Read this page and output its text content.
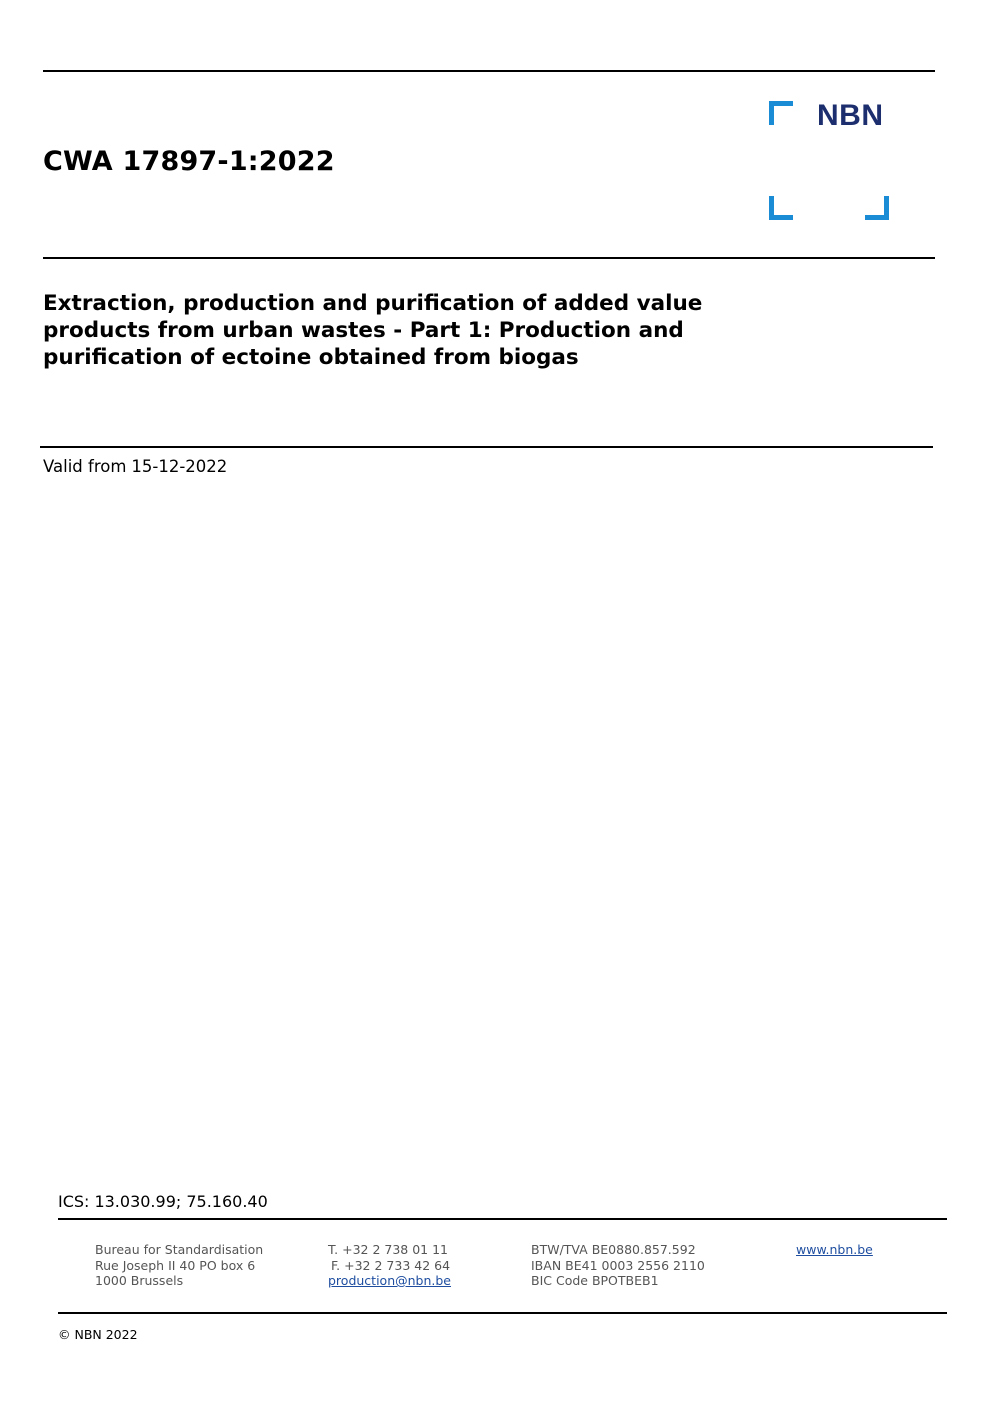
CWA 17897-1:2022
NBN
Extraction, production and purification of added value
products from urban wastes - Part 1: Production and
purification of ectoine obtained from biogas
Valid from 15-12-2022
ICS: 13.030.99; 75.160.40
Bureau for Standardisation
Rue Joseph II 40 PO box 6
1000 Brussels
T. +32 2 738 01 11
F. +32 2 733 42 64
production@nbn.be
BTW/TVA BE0880.857.592
IBAN BE41 0003 2556 2110
BIC Code BPOTBEB1
www.nbn.be
© NBN 2022
